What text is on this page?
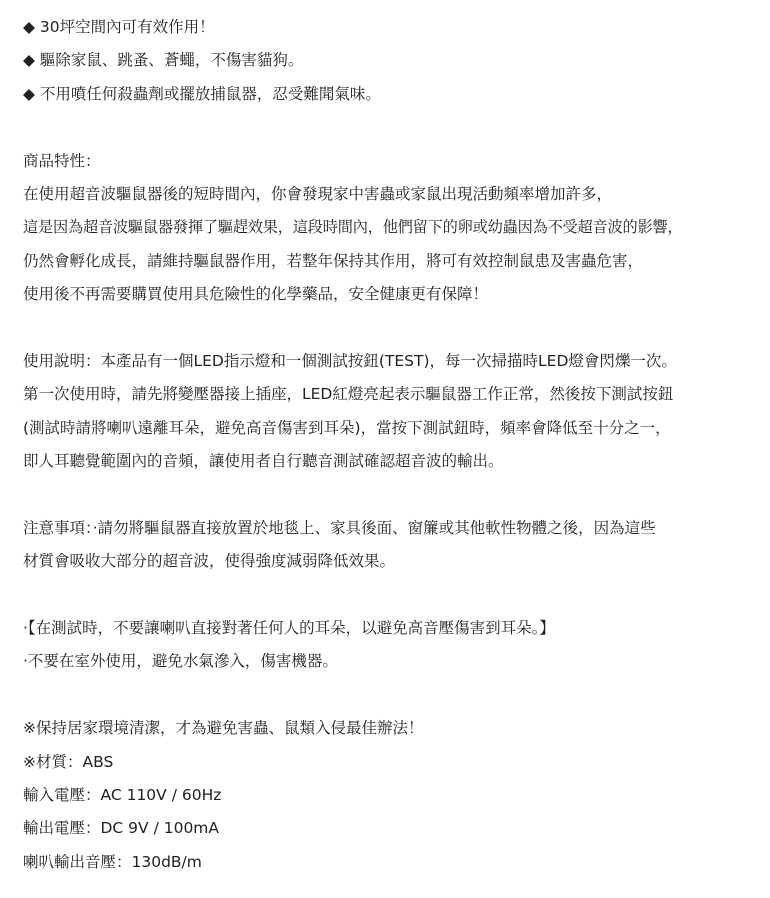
◆ 30坪空間內可有效作用！
◆ 驅除家鼠、跳蚤、蒼蠅，不傷害貓狗。
◆ 不用噴任何殺蟲劑或擺放捕鼠器，忍受難聞氣味。
商品特性：
在使用超音波驅鼠器後的短時間內，你會發現家中害蟲或家鼠出現活動頻率增加許多，
這是因為超音波驅鼠器發揮了驅趕效果，這段時間內，他們留下的卵或幼蟲因為不受超音波的影響，
仍然會孵化成長，請維持驅鼠器作用，若整年保持其作用，將可有效控制鼠患及害蟲危害，
使用後不再需要購買使用具危險性的化學藥品，安全健康更有保障！
使用說明：本產品有一個LED指示燈和一個測試按鈕(TEST)，每一次掃描時LED燈會閃爍一次。
第一次使用時，請先將變壓器接上插座，LED紅燈亮起表示驅鼠器工作正常，然後按下測試按鈕
(測試時請將喇叭遠離耳朵，避免高音傷害到耳朵)，當按下測試鈕時，頻率會降低至十分之一，
即人耳聽覺範圍內的音頻，讓使用者自行聽音測試確認超音波的輸出。
注意事項：‧請勿將驅鼠器直接放置於地毯上、家具後面、窗簾或其他軟性物體之後，因為這些
材質會吸收大部分的超音波，使得強度減弱降低效果。
‧【在測試時，不要讓喇叭直接對著任何人的耳朵，以避免高音壓傷害到耳朵。】
‧不要在室外使用，避免水氣滲入，傷害機器。
※保持居家環境清潔，才為避免害蟲、鼠類入侵最佳辦法！
※材質：ABS
輸入電壓：AC 110V / 60Hz
輸出電壓：DC 9V / 100mA
喇叭輸出音壓：130dB/m
